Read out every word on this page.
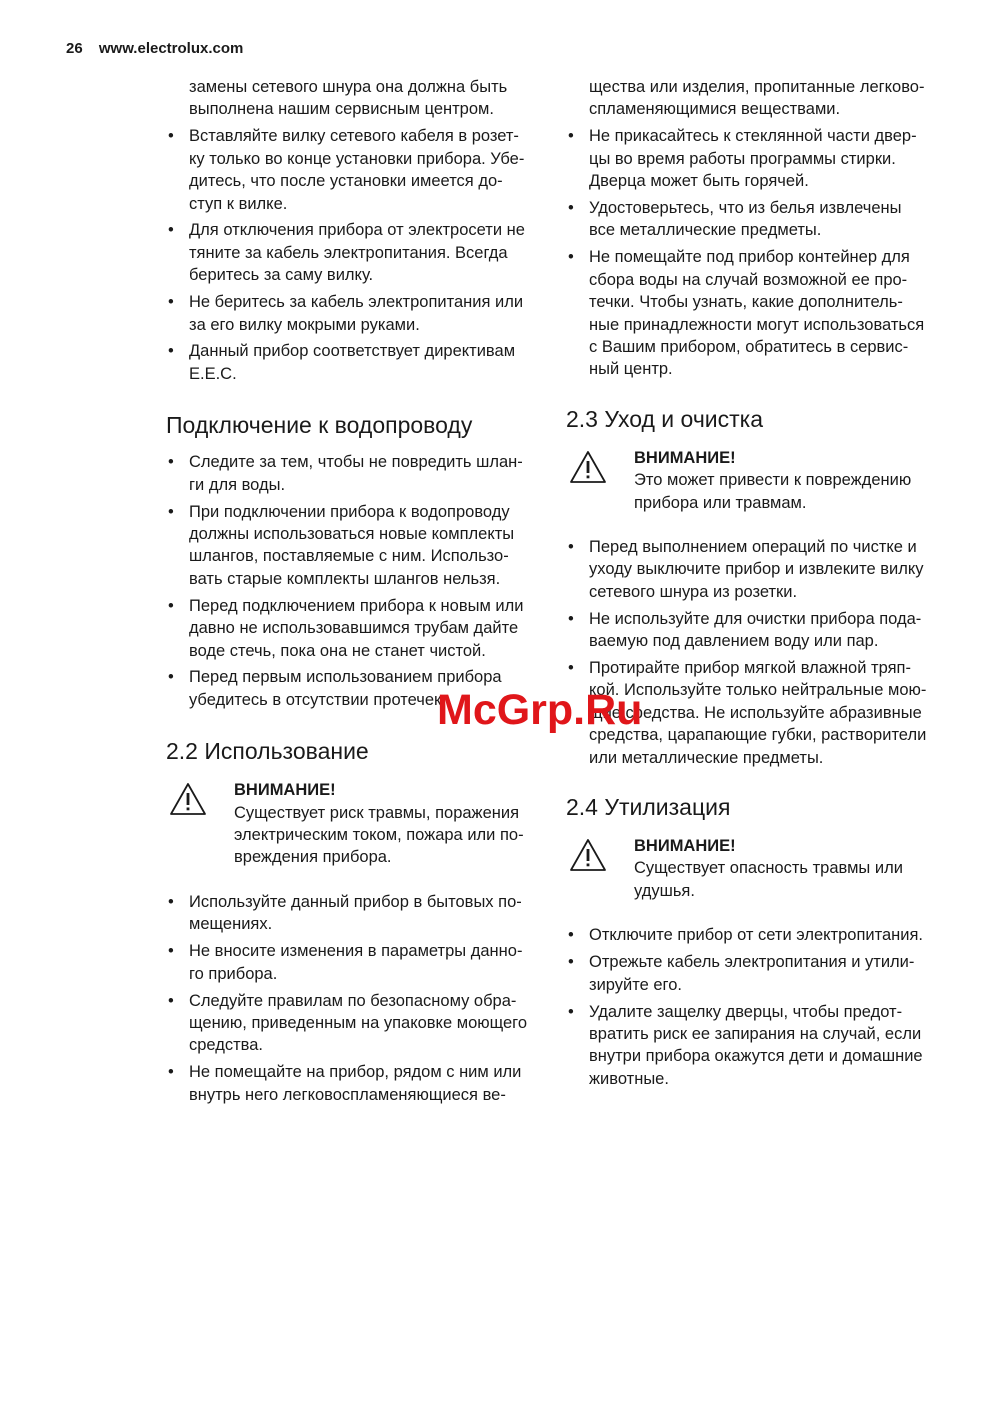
26 www.electrolux.com
замены сетевого шнура она должна быть
выполнена нашим сервисным центром.
• Вставляйте вилку сетевого кабеля в розет-
ку только во конце установки прибора. Убе-
дитесь, что после установки имеется до-
ступ к вилке.
• Для отключения прибора от электросети не
тяните за кабель электропитания. Всегда
беритесь за саму вилку.
• Не беритесь за кабель электропитания или
за его вилку мокрыми руками.
• Данный прибор соответствует директивам
E.E.C.
Подключение к водопроводу
• Следите за тем, чтобы не повредить шлан-
ги для воды.
• При подключении прибора к водопроводу
должны использоваться новые комплекты
шлангов, поставляемые с ним. Использо-
вать старые комплекты шлангов нельзя.
• Перед подключением прибора к новым или
давно не использовавшимся трубам дайте
воде стечь, пока она не станет чистой.
• Перед первым использованием прибора
убедитесь в отсутствии протечек.
2.2 Использование
ВНИМАНИЕ!
Существует риск травмы, поражения
электрическим током, пожара или по-
вреждения прибора.
• Используйте данный прибор в бытовых по-
мещениях.
• Не вносите изменения в параметры данно-
го прибора.
• Следуйте правилам по безопасному обра-
щению, приведенным на упаковке моющего
средства.
• Не помещайте на прибор, рядом с ним или
внутрь него легковоспламеняющиеся ве-
щества или изделия, пропитанные легково-
спламеняющимися веществами.
• Не прикасайтесь к стеклянной части двер-
цы во время работы программы стирки.
Дверца может быть горячей.
• Удостоверьтесь, что из белья извлечены
все металлические предметы.
• Не помещайте под прибор контейнер для
сбора воды на случай возможной ее про-
течки. Чтобы узнать, какие дополнитель-
ные принадлежности могут использоваться
с Вашим прибором, обратитесь в сервис-
ный центр.
2.3 Уход и очистка
ВНИМАНИЕ!
Это может привести к повреждению
прибора или травмам.
• Перед выполнением операций по чистке и
уходу выключите прибор и извлеките вилку
сетевого шнура из розетки.
• Не используйте для очистки прибора пода-
ваемую под давлением воду или пар.
• Протирайте прибор мягкой влажной тряп-
кой. Используйте только нейтральные мою-
щие средства. Не используйте абразивные
средства, царапающие губки, растворители
или металлические предметы.
2.4 Утилизация
ВНИМАНИЕ!
Существует опасность травмы или
удушья.
• Отключите прибор от сети электропитания.
• Отрежьте кабель электропитания и утили-
зируйте его.
• Удалите защелку дверцы, чтобы предот-
вратить риск ее запирания на случай, если
внутри прибора окажутся дети и домашние
животные.
McGrp.Ru
